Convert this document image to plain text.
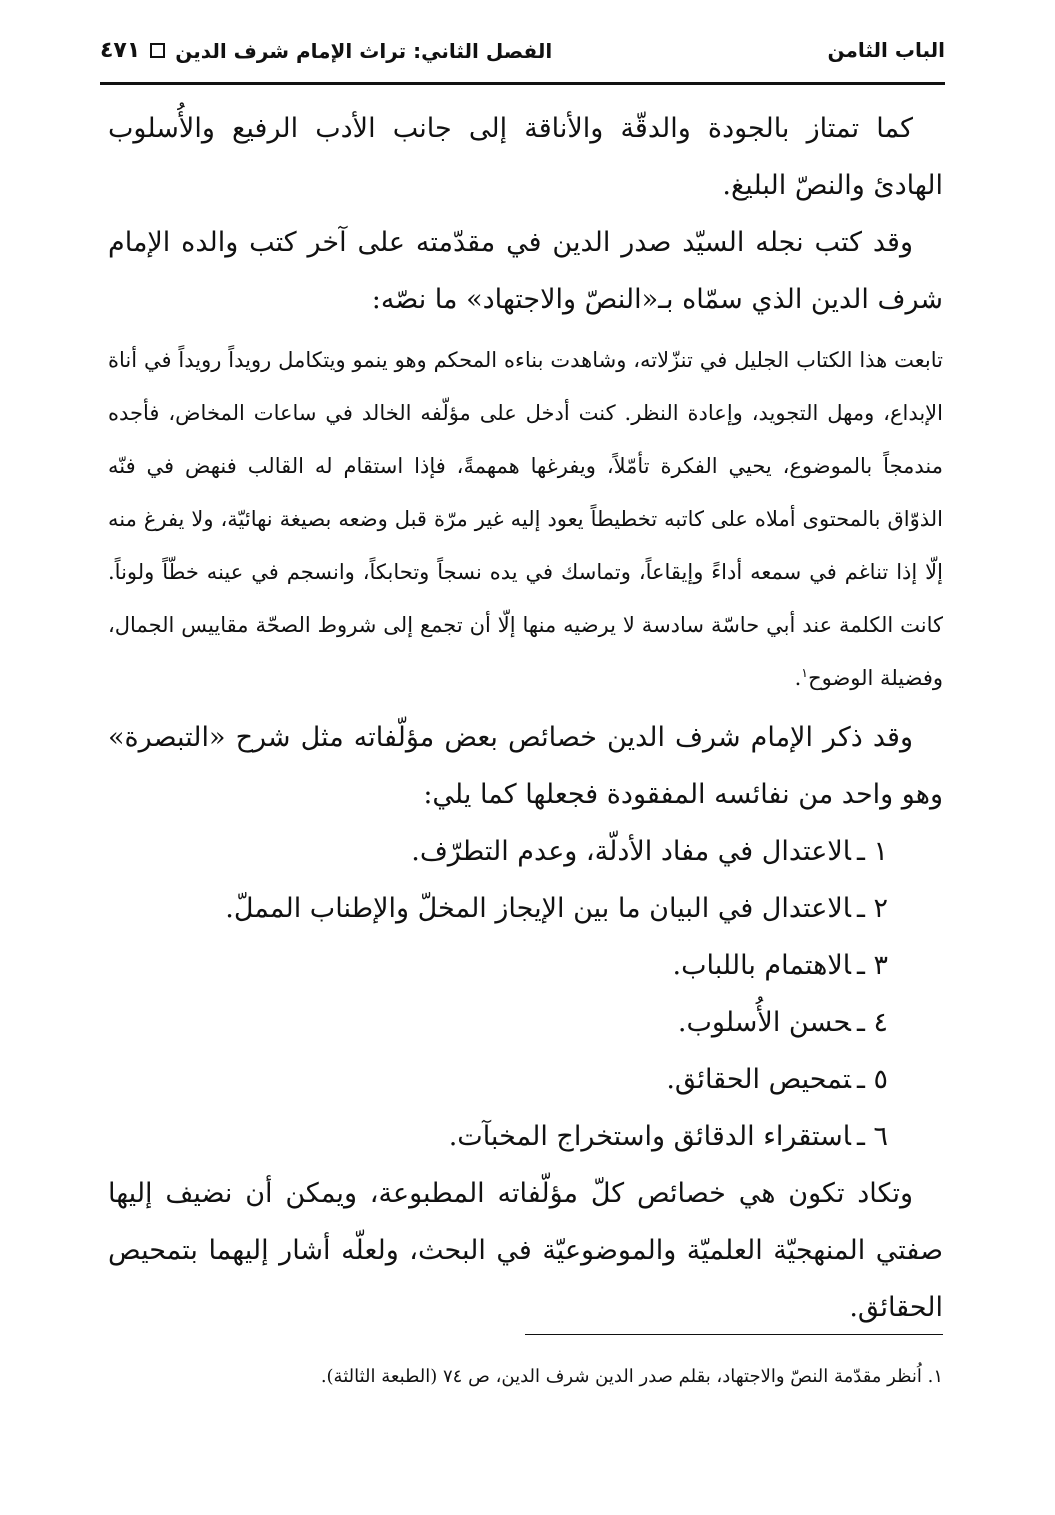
٤٧١ الفصل الثاني: تراث الإمام شرف الدين	الباب الثامن

كما تمتاز بالجودة والدقّة والأناقة إلى جانب الأدب الرفيع والأُسلوب الهادئ والنصّ البليغ.

وقد كتب نجله السيّد صدر الدين في مقدّمته على آخر كتب والده الإمام شرف الدين الذي سمّاه بـ«النصّ والاجتهاد» ما نصّه:

تابعت هذا الكتاب الجليل في تنزّلاته، وشاهدت بناءه المحكم وهو ينمو ويتكامل رويداً رويداً في أناة الإبداع، ومهل التجويد، وإعادة النظر. كنت أدخل على مؤلّفه الخالد في ساعات المخاض، فأجده مندمجاً بالموضوع، يحيي الفكرة تأمّلاً، ويفرغها همهمةً، فإذا استقام له القالب فنهض في فنّه الذوّاق بالمحتوى أملاه على كاتبه تخطيطاً يعود إليه غير مرّة قبل وضعه بصيغة نهائيّة، ولا يفرغ منه إلّا إذا تناغم في سمعه أداءً وإيقاعاً، وتماسك في يده نسجاً وتحابكاً، وانسجم في عينه خطّاً ولوناً. كانت الكلمة عند أبي حاسّة سادسة لا يرضيه منها إلّا أن تجمع إلى شروط الصحّة مقاييس الجمال، وفضيلة الوضوح$^١$.

وقد ذكر الإمام شرف الدين خصائص بعض مؤلّفاته مثل شرح «التبصرة» وهو واحد من نفائسه المفقودة فجعلها كما يلي:

١ ـالاعتدال في مفاد الأدلّة، وعدم التطرّف.
٢ ـالاعتدال في البيان ما بين الإيجاز المخلّ والإطناب المملّ.
٣ ـالاهتمام باللباب.
٤ ـحسن الأُسلوب.
٥ ـتمحيص الحقائق.
٦ ـاستقراء الدقائق واستخراج المخبآت.

وتكاد تكون هي خصائص كلّ مؤلّفاته المطبوعة، ويمكن أن نضيف إليها صفتي المنهجيّة العلميّة والموضوعيّة في البحث، ولعلّه أشار إليهما بتمحيص الحقائق.

١. اُنظر مقدّمة النصّ والاجتهاد، بقلم صدر الدين شرف الدين، ص ٧٤ (الطبعة الثالثة).
